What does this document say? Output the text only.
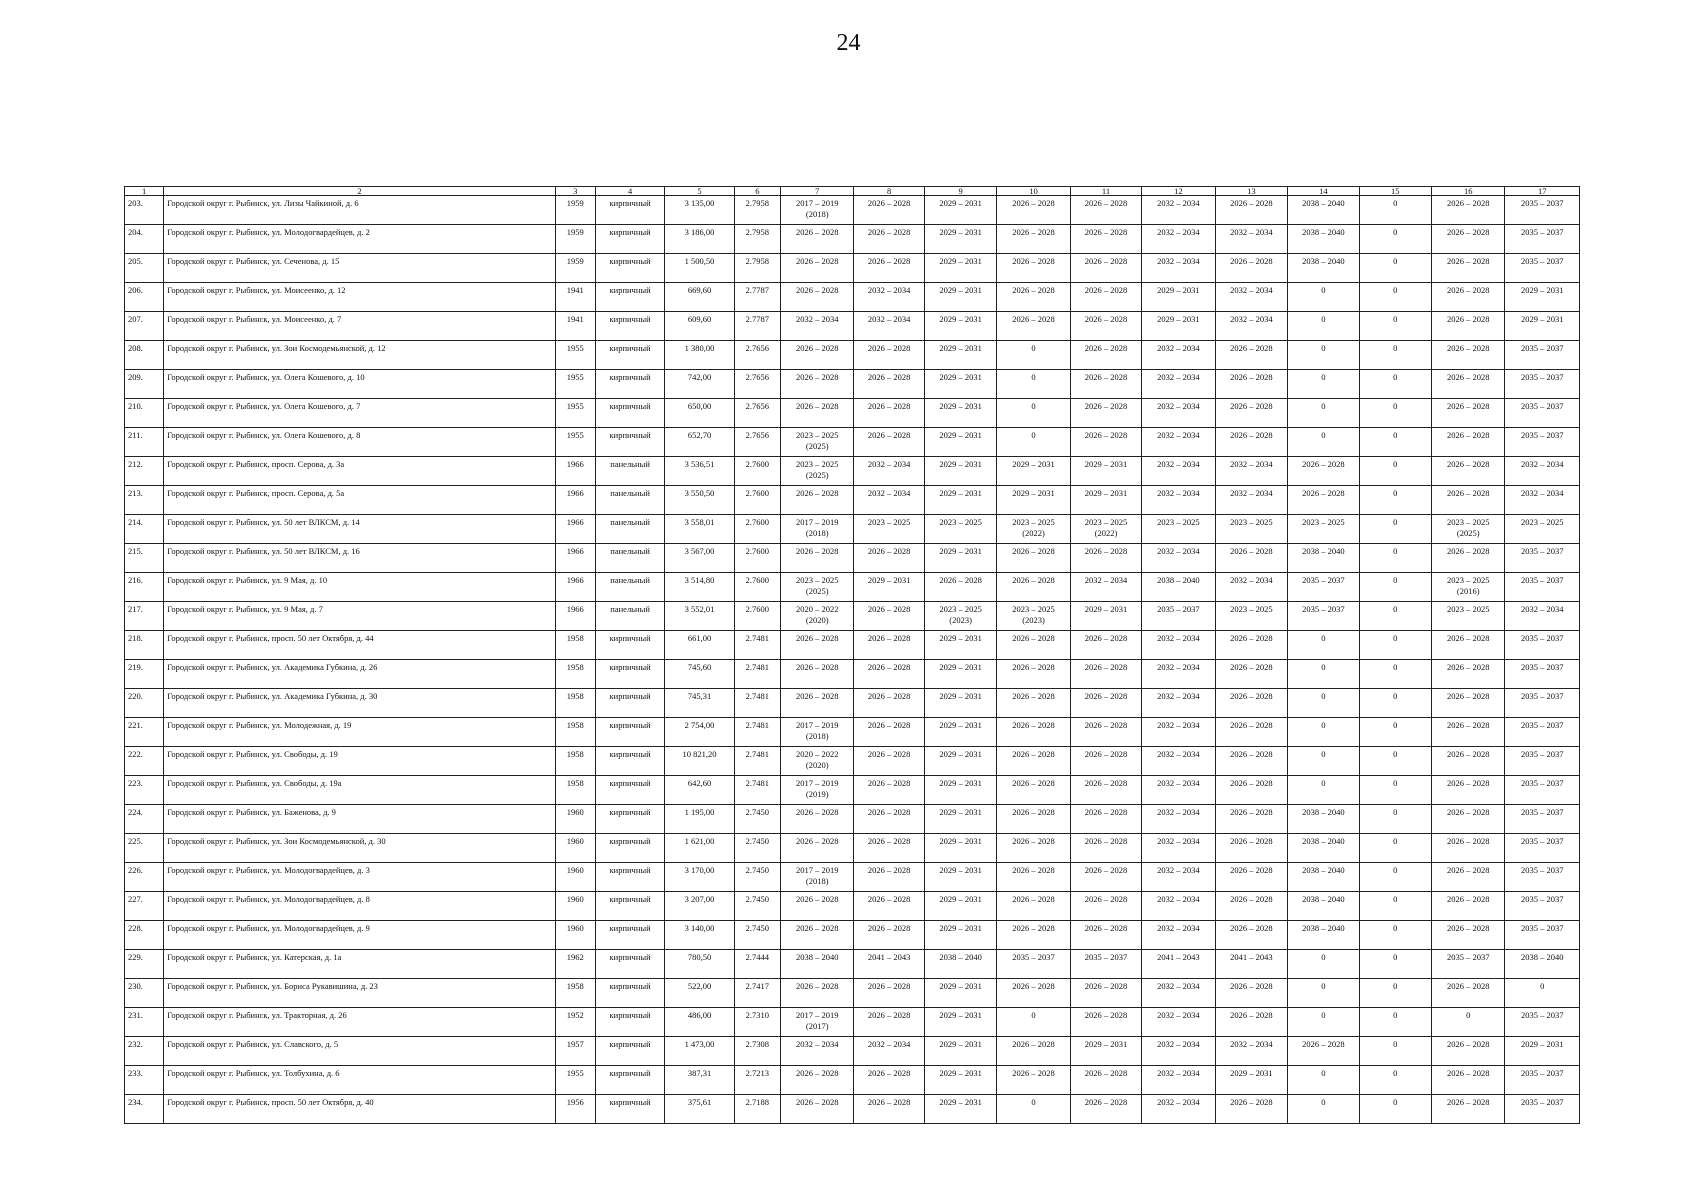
24
1	2	3	4	5	6	7	8	9	10	11	12	13	14	15	16	17

203.	Городской округ г. Рыбинск, ул. Лизы Чайкиной, д. 6	1959	кирпичный	3 135,00	2.7958	2017 – 2019
(2018)	2026 – 2028	2029 – 2031	2026 – 2028	2026 – 2028	2032 – 2034	2026 – 2028	2038 – 2040	0	2026 – 2028	2035 – 2037

204.	Городской округ г. Рыбинск, ул. Молодогвардейцев, д. 2	1959	кирпичный	3 186,00	2.7958	2026 – 2028	2026 – 2028	2029 – 2031	2026 – 2028	2026 – 2028	2032 – 2034	2032 – 2034	2038 – 2040	0	2026 – 2028	2035 – 2037

205.	Городской округ г. Рыбинск, ул. Сеченова, д. 15	1959	кирпичный	1 500,50	2.7958	2026 – 2028	2026 – 2028	2029 – 2031	2026 – 2028	2026 – 2028	2032 – 2034	2026 – 2028	2038 – 2040	0	2026 – 2028	2035 – 2037

206.	Городской округ г. Рыбинск, ул. Моисеенко, д. 12	1941	кирпичный	669,60	2.7787	2026 – 2028	2032 – 2034	2029 – 2031	2026 – 2028	2026 – 2028	2029 – 2031	2032 – 2034	0	0	2026 – 2028	2029 – 2031

207.	Городской округ г. Рыбинск, ул. Моисеенко, д. 7	1941	кирпичный	609,60	2.7787	2032 – 2034	2032 – 2034	2029 – 2031	2026 – 2028	2026 – 2028	2029 – 2031	2032 – 2034	0	0	2026 – 2028	2029 – 2031

208.	Городской округ г. Рыбинск, ул. Зои Космодемьянской, д. 12	1955	кирпичный	1 380,00	2.7656	2026 – 2028	2026 – 2028	2029 – 2031	0	2026 – 2028	2032 – 2034	2026 – 2028	0	0	2026 – 2028	2035 – 2037

209.	Городской округ г. Рыбинск, ул. Олега Кошевого, д. 10	1955	кирпичный	742,00	2.7656	2026 – 2028	2026 – 2028	2029 – 2031	0	2026 – 2028	2032 – 2034	2026 – 2028	0	0	2026 – 2028	2035 – 2037

210.	Городской округ г. Рыбинск, ул. Олега Кошевого, д. 7	1955	кирпичный	650,00	2.7656	2026 – 2028	2026 – 2028	2029 – 2031	0	2026 – 2028	2032 – 2034	2026 – 2028	0	0	2026 – 2028	2035 – 2037

211.	Городской округ г. Рыбинск, ул. Олега Кошевого, д. 8	1955	кирпичный	652,70	2.7656	2023 – 2025
(2025)	2026 – 2028	2029 – 2031	0	2026 – 2028	2032 – 2034	2026 – 2028	0	0	2026 – 2028	2035 – 2037

212.	Городской округ г. Рыбинск, просп. Серова, д. 3а	1966	панельный	3 536,51	2.7600	2023 – 2025
(2025)	2032 – 2034	2029 – 2031	2029 – 2031	2029 – 2031	2032 – 2034	2032 – 2034	2026 – 2028	0	2026 – 2028	2032 – 2034

213.	Городской округ г. Рыбинск, просп. Серова, д. 5а	1966	панельный	3 550,50	2.7600	2026 – 2028	2032 – 2034	2029 – 2031	2029 – 2031	2029 – 2031	2032 – 2034	2032 – 2034	2026 – 2028	0	2026 – 2028	2032 – 2034

214.	Городской округ г. Рыбинск, ул. 50 лет ВЛКСМ, д. 14	1966	панельный	3 558,01	2.7600	2017 – 2019
(2018)	2023 – 2025	2023 – 2025	2023 – 2025
(2022)	2023 – 2025
(2022)	2023 – 2025	2023 – 2025	2023 – 2025	0	2023 – 2025
(2025)	2023 – 2025

215.	Городской округ г. Рыбинск, ул. 50 лет ВЛКСМ, д. 16	1966	панельный	3 567,00	2.7600	2026 – 2028	2026 – 2028	2029 – 2031	2026 – 2028	2026 – 2028	2032 – 2034	2026 – 2028	2038 – 2040	0	2026 – 2028	2035 – 2037

216.	Городской округ г. Рыбинск, ул. 9 Мая, д. 10	1966	панельный	3 514,80	2.7600	2023 – 2025
(2025)	2029 – 2031	2026 – 2028	2026 – 2028	2032 – 2034	2038 – 2040	2032 – 2034	2035 – 2037	0	2023 – 2025
(2016)	2035 – 2037

217.	Городской округ г. Рыбинск, ул. 9 Мая, д. 7	1966	панельный	3 552,01	2.7600	2020 – 2022
(2020)	2026 – 2028	2023 – 2025
(2023)	2023 – 2025
(2023)	2029 – 2031	2035 – 2037	2023 – 2025	2035 – 2037	0	2023 – 2025	2032 – 2034

218.	Городской округ г. Рыбинск, просп. 50 лет Октября, д. 44	1958	кирпичный	661,00	2.7481	2026 – 2028	2026 – 2028	2029 – 2031	2026 – 2028	2026 – 2028	2032 – 2034	2026 – 2028	0	0	2026 – 2028	2035 – 2037

219.	Городской округ г. Рыбинск, ул. Академика Губкина, д. 26	1958	кирпичный	745,60	2.7481	2026 – 2028	2026 – 2028	2029 – 2031	2026 – 2028	2026 – 2028	2032 – 2034	2026 – 2028	0	0	2026 – 2028	2035 – 2037

220.	Городской округ г. Рыбинск, ул. Академика Губкина, д. 30	1958	кирпичный	745,31	2.7481	2026 – 2028	2026 – 2028	2029 – 2031	2026 – 2028	2026 – 2028	2032 – 2034	2026 – 2028	0	0	2026 – 2028	2035 – 2037

221.	Городской округ г. Рыбинск, ул. Молодежная, д. 19	1958	кирпичный	2 754,00	2.7481	2017 – 2019
(2018)	2026 – 2028	2029 – 2031	2026 – 2028	2026 – 2028	2032 – 2034	2026 – 2028	0	0	2026 – 2028	2035 – 2037

222.	Городской округ г. Рыбинск, ул. Свободы, д. 19	1958	кирпичный	10 821,20	2.7481	2020 – 2022
(2020)	2026 – 2028	2029 – 2031	2026 – 2028	2026 – 2028	2032 – 2034	2026 – 2028	0	0	2026 – 2028	2035 – 2037

223.	Городской округ г. Рыбинск, ул. Свободы, д. 19а	1958	кирпичный	642,60	2.7481	2017 – 2019
(2019)	2026 – 2028	2029 – 2031	2026 – 2028	2026 – 2028	2032 – 2034	2026 – 2028	0	0	2026 – 2028	2035 – 2037

224.	Городской округ г. Рыбинск, ул. Баженова, д. 9	1960	кирпичный	1 195,00	2.7450	2026 – 2028	2026 – 2028	2029 – 2031	2026 – 2028	2026 – 2028	2032 – 2034	2026 – 2028	2038 – 2040	0	2026 – 2028	2035 – 2037

225.	Городской округ г. Рыбинск, ул. Зои Космодемьянской, д. 30	1960	кирпичный	1 621,00	2.7450	2026 – 2028	2026 – 2028	2029 – 2031	2026 – 2028	2026 – 2028	2032 – 2034	2026 – 2028	2038 – 2040	0	2026 – 2028	2035 – 2037

226.	Городской округ г. Рыбинск, ул. Молодогвардейцев, д. 3	1960	кирпичный	3 170,00	2.7450	2017 – 2019
(2018)	2026 – 2028	2029 – 2031	2026 – 2028	2026 – 2028	2032 – 2034	2026 – 2028	2038 – 2040	0	2026 – 2028	2035 – 2037

227.	Городской округ г. Рыбинск, ул. Молодогвардейцев, д. 8	1960	кирпичный	3 207,00	2.7450	2026 – 2028	2026 – 2028	2029 – 2031	2026 – 2028	2026 – 2028	2032 – 2034	2026 – 2028	2038 – 2040	0	2026 – 2028	2035 – 2037

228.	Городской округ г. Рыбинск, ул. Молодогвардейцев, д. 9	1960	кирпичный	3 140,00	2.7450	2026 – 2028	2026 – 2028	2029 – 2031	2026 – 2028	2026 – 2028	2032 – 2034	2026 – 2028	2038 – 2040	0	2026 – 2028	2035 – 2037

229.	Городской округ г. Рыбинск, ул. Катерская, д. 1а	1962	кирпичный	780,50	2.7444	2038 – 2040	2041 – 2043	2038 – 2040	2035 – 2037	2035 – 2037	2041 – 2043	2041 – 2043	0	0	2035 – 2037	2038 – 2040

230.	Городской округ г. Рыбинск, ул. Бориса Рукавишина, д. 23	1958	кирпичный	522,00	2.7417	2026 – 2028	2026 – 2028	2029 – 2031	2026 – 2028	2026 – 2028	2032 – 2034	2026 – 2028	0	0	2026 – 2028	0

231.	Городской округ г. Рыбинск, ул. Тракторная, д. 26	1952	кирпичный	486,00	2.7310	2017 – 2019
(2017)	2026 – 2028	2029 – 2031	0	2026 – 2028	2032 – 2034	2026 – 2028	0	0	0	2035 – 2037

232.	Городской округ г. Рыбинск, ул. Славского, д. 5	1957	кирпичный	1 473,00	2.7308	2032 – 2034	2032 – 2034	2029 – 2031	2026 – 2028	2029 – 2031	2032 – 2034	2032 – 2034	2026 – 2028	0	2026 – 2028	2029 – 2031

233.	Городской округ г. Рыбинск, ул. Толбухина, д. 6	1955	кирпичный	387,31	2.7213	2026 – 2028	2026 – 2028	2029 – 2031	2026 – 2028	2026 – 2028	2032 – 2034	2029 – 2031	0	0	2026 – 2028	2035 – 2037

234.	Городской округ г. Рыбинск, просп. 50 лет Октября, д. 40	1956	кирпичный	375,61	2.7188	2026 – 2028	2026 – 2028	2029 – 2031	0	2026 – 2028	2032 – 2034	2026 – 2028	0	0	2026 – 2028	2035 – 2037
